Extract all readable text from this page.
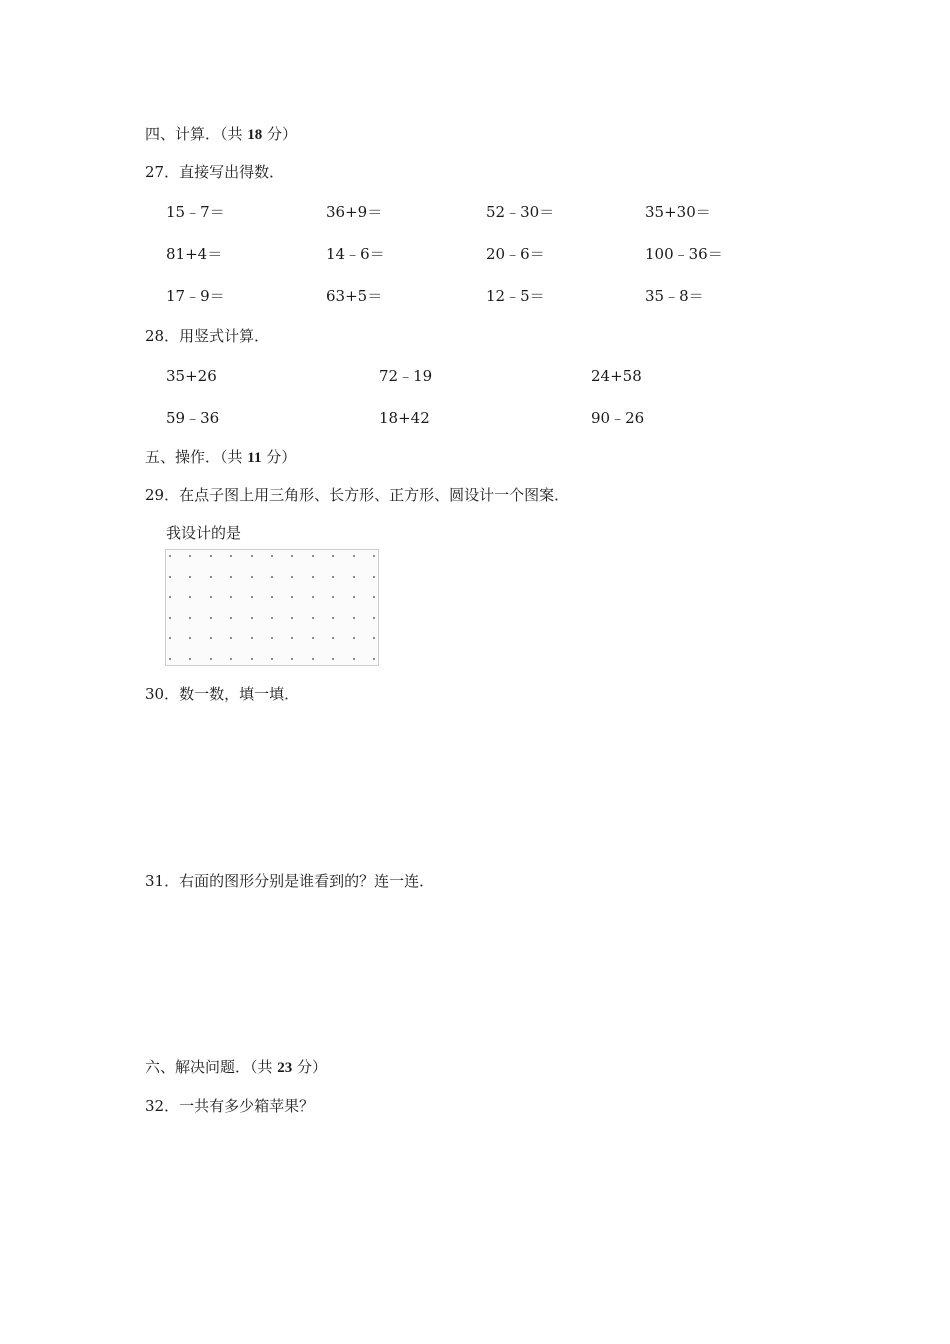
四、计算．（共 18 分）
27．直接写出得数．
15﹣7＝	36+9＝	52﹣30＝	35+30＝
81+4＝	14﹣6＝	20﹣6＝	100﹣36＝
17﹣9＝	63+5＝	12﹣5＝	35﹣8＝
28．用竖式计算．
35+26	72﹣19	24+58
59﹣36	18+42	90﹣26
五、操作．（共 11 分）
29．在点子图上用三角形、长方形、正方形、圆设计一个图案．
我设计的是
30．数一数，填一填．
31．右面的图形分别是谁看到的？连一连．
六、解决问题．（共 23 分）
32．一共有多少箱苹果？
